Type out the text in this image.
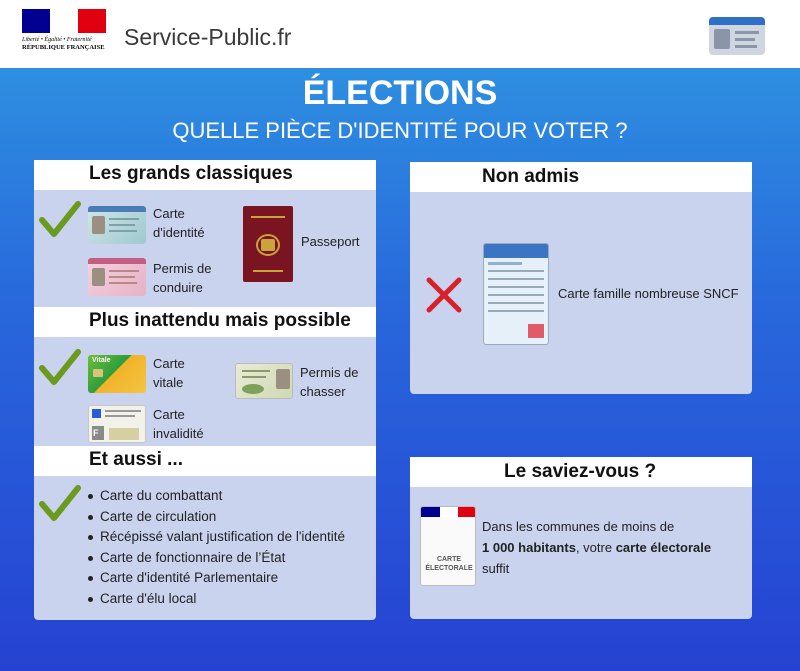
Liberté • Égalité • Fraternité
RÉPUBLIQUE FRANÇAISE Service-Public.fr
ÉLECTIONS
QUELLE PIÈCE D'IDENTITÉ POUR VOTER ?
Les grands classiques
Carte
d'identité
Permis de
conduire
Passeport
Plus inattendu mais possible
Vitale	Carte
vitale
F
Carte
invalidité
Permis de
chasser
Et aussi ...
Carte du combattant
Carte de circulation
Récépissé valant justification de l'identité
Carte de fonctionnaire de l’État
Carte d'identité Parlementaire
Carte d'élu local
Non admis
Carte famille nombreuse SNCF
Le saviez-vous ?
CARTE
ÉLECTORALE
Dans les communes de moins de
1 000 habitants, votre carte électorale
suffit
